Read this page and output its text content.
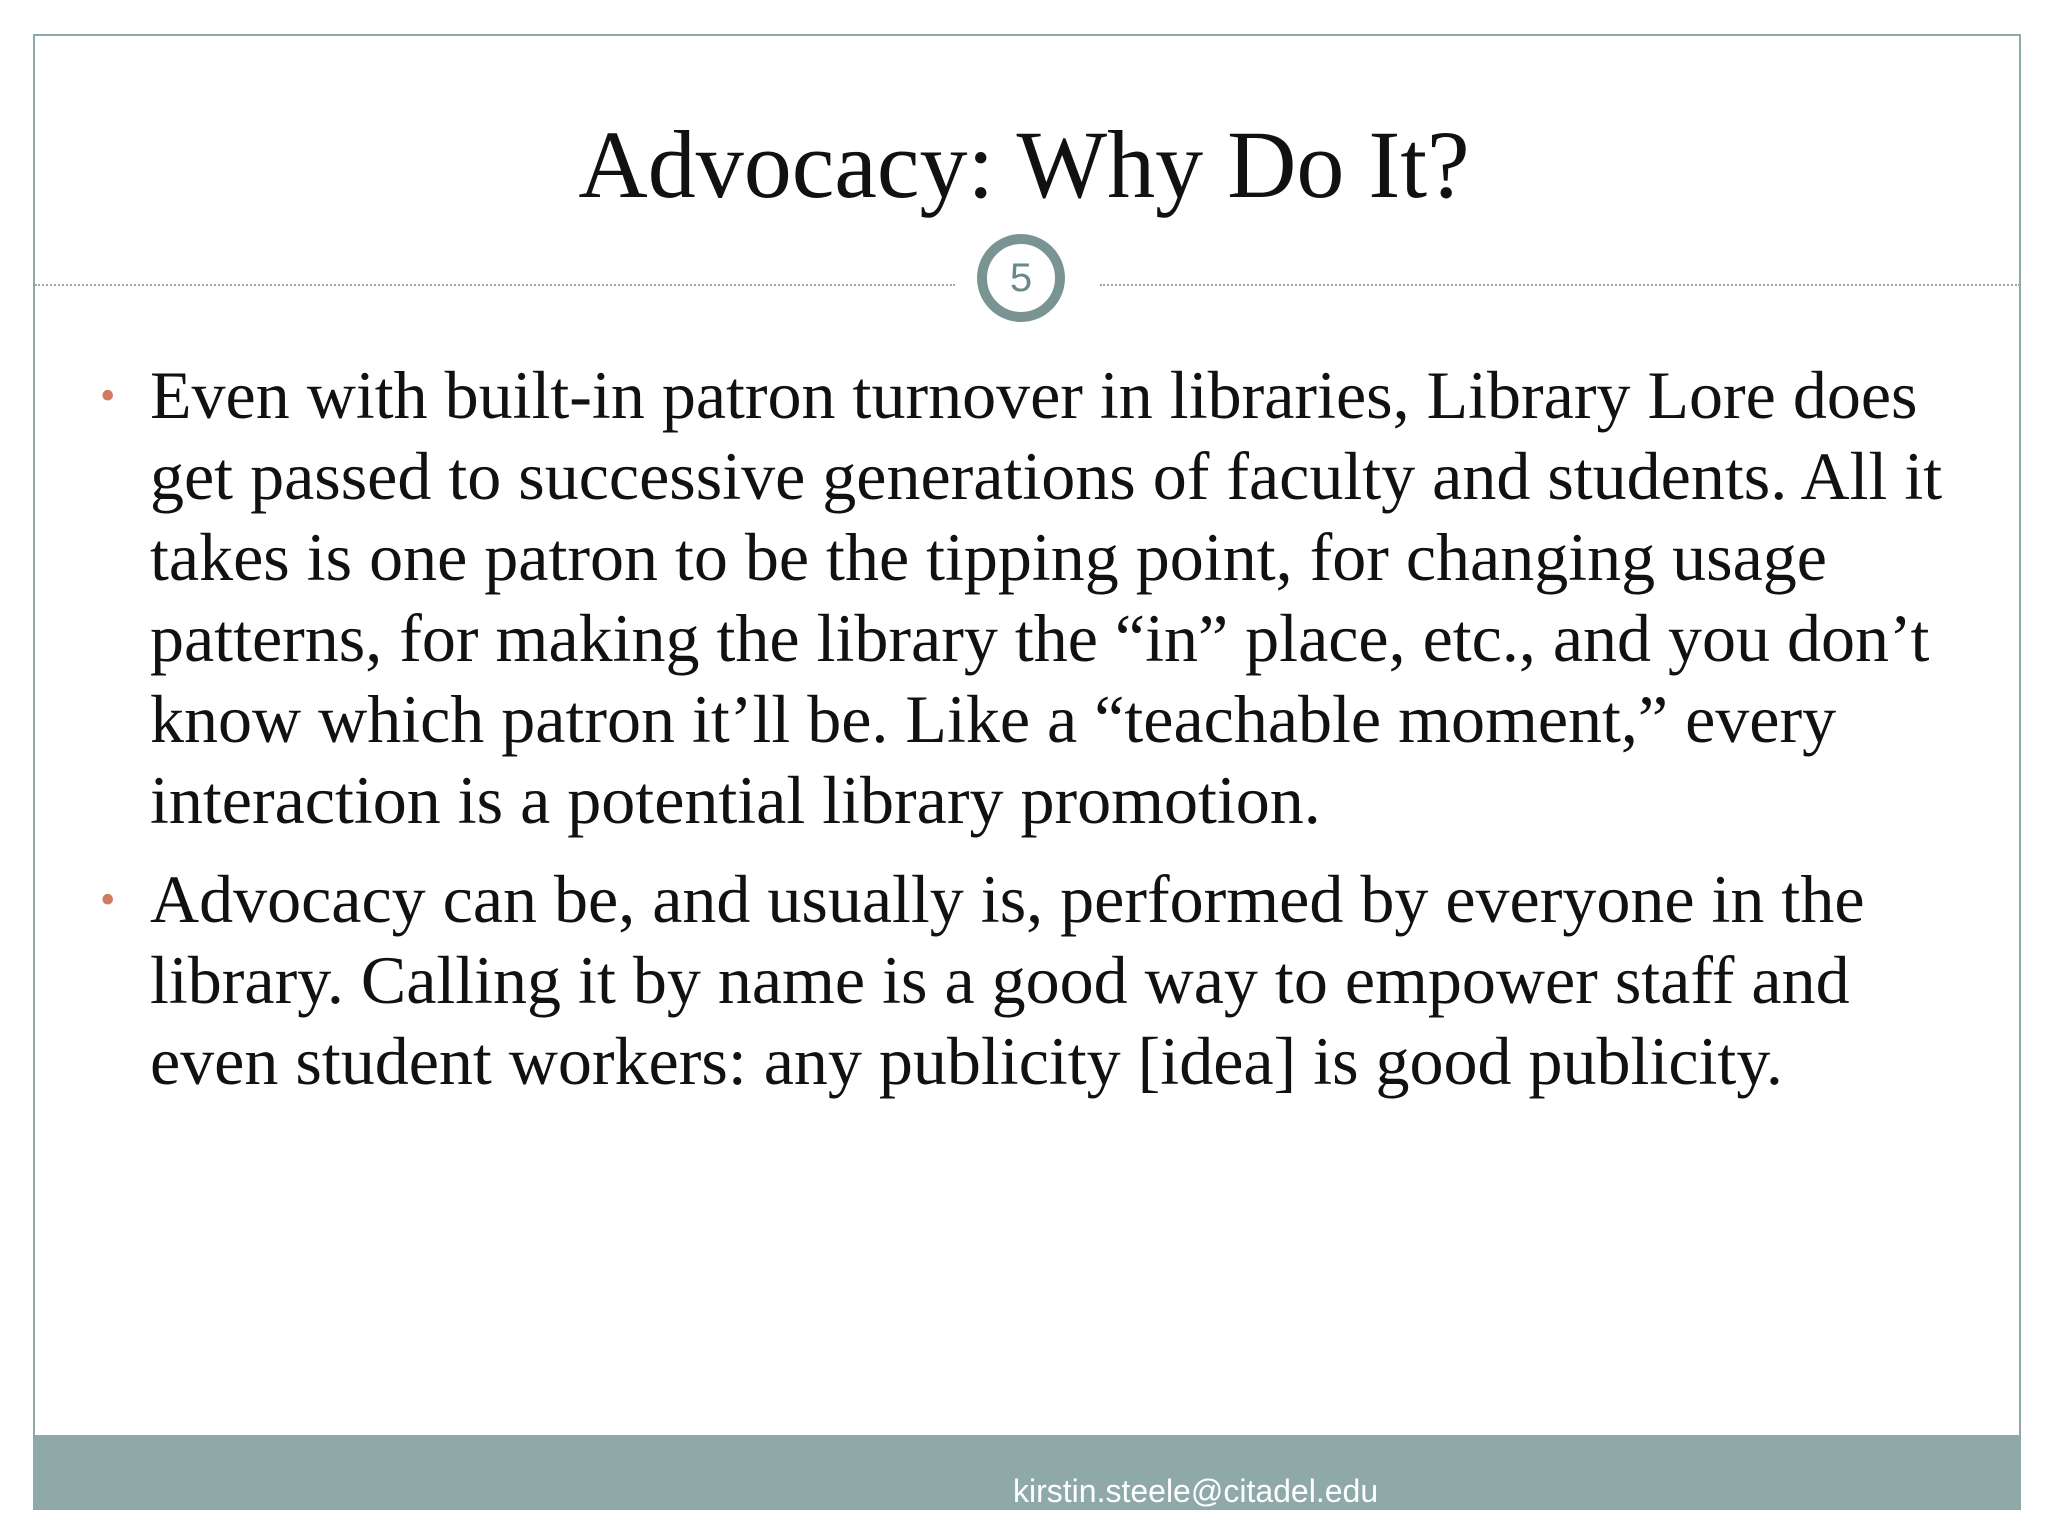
Advocacy: Why Do It?
5
• Even with built-in patron turnover in libraries, Library Lore does get passed to successive generations of faculty and students. All it takes is one patron to be the tipping point, for changing usage patterns, for making the library the “in” place, etc., and you don’t know which patron it’ll be. Like a “teachable moment,” every interaction is a potential library promotion.
• Advocacy can be, and usually is, performed by everyone in the library. Calling it by name is a good way to empower staff and even student workers: any publicity [idea] is good publicity.
kirstin.steele@citadel.edu
